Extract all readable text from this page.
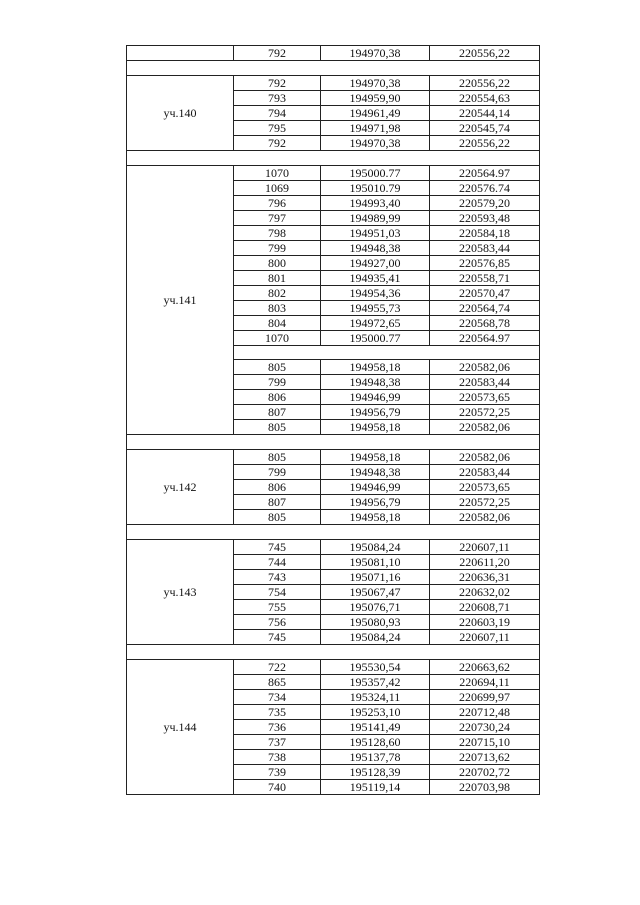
	792	194970,38	220556,22

уч.140	792	194970,38	220556,22
	793	194959,90	220554,63
	794	194961,49	220544,14
	795	194971,98	220545,74
	792	194970,38	220556,22

уч.141	1070	195000.77	220564.97
	1069	195010.79	220576.74
	796	194993,40	220579,20
	797	194989,99	220593,48
	798	194951,03	220584,18
	799	194948,38	220583,44
	800	194927,00	220576,85
	801	194935,41	220558,71
	802	194954,36	220570,47
	803	194955,73	220564,74
	804	194972,65	220568,78
	1070	195000.77	220564.97

	805	194958,18	220582,06
	799	194948,38	220583,44
	806	194946,99	220573,65
	807	194956,79	220572,25
	805	194958,18	220582,06

уч.142	805	194958,18	220582,06
	799	194948,38	220583,44
	806	194946,99	220573,65
	807	194956,79	220572,25
	805	194958,18	220582,06

уч.143	745	195084,24	220607,11
	744	195081,10	220611,20
	743	195071,16	220636,31
	754	195067,47	220632,02
	755	195076,71	220608,71
	756	195080,93	220603,19
	745	195084,24	220607,11

уч.144	722	195530,54	220663,62
	865	195357,42	220694,11
	734	195324,11	220699,97
	735	195253,10	220712,48
	736	195141,49	220730,24
	737	195128,60	220715,10
	738	195137,78	220713,62
	739	195128,39	220702,72
	740	195119,14	220703,98
